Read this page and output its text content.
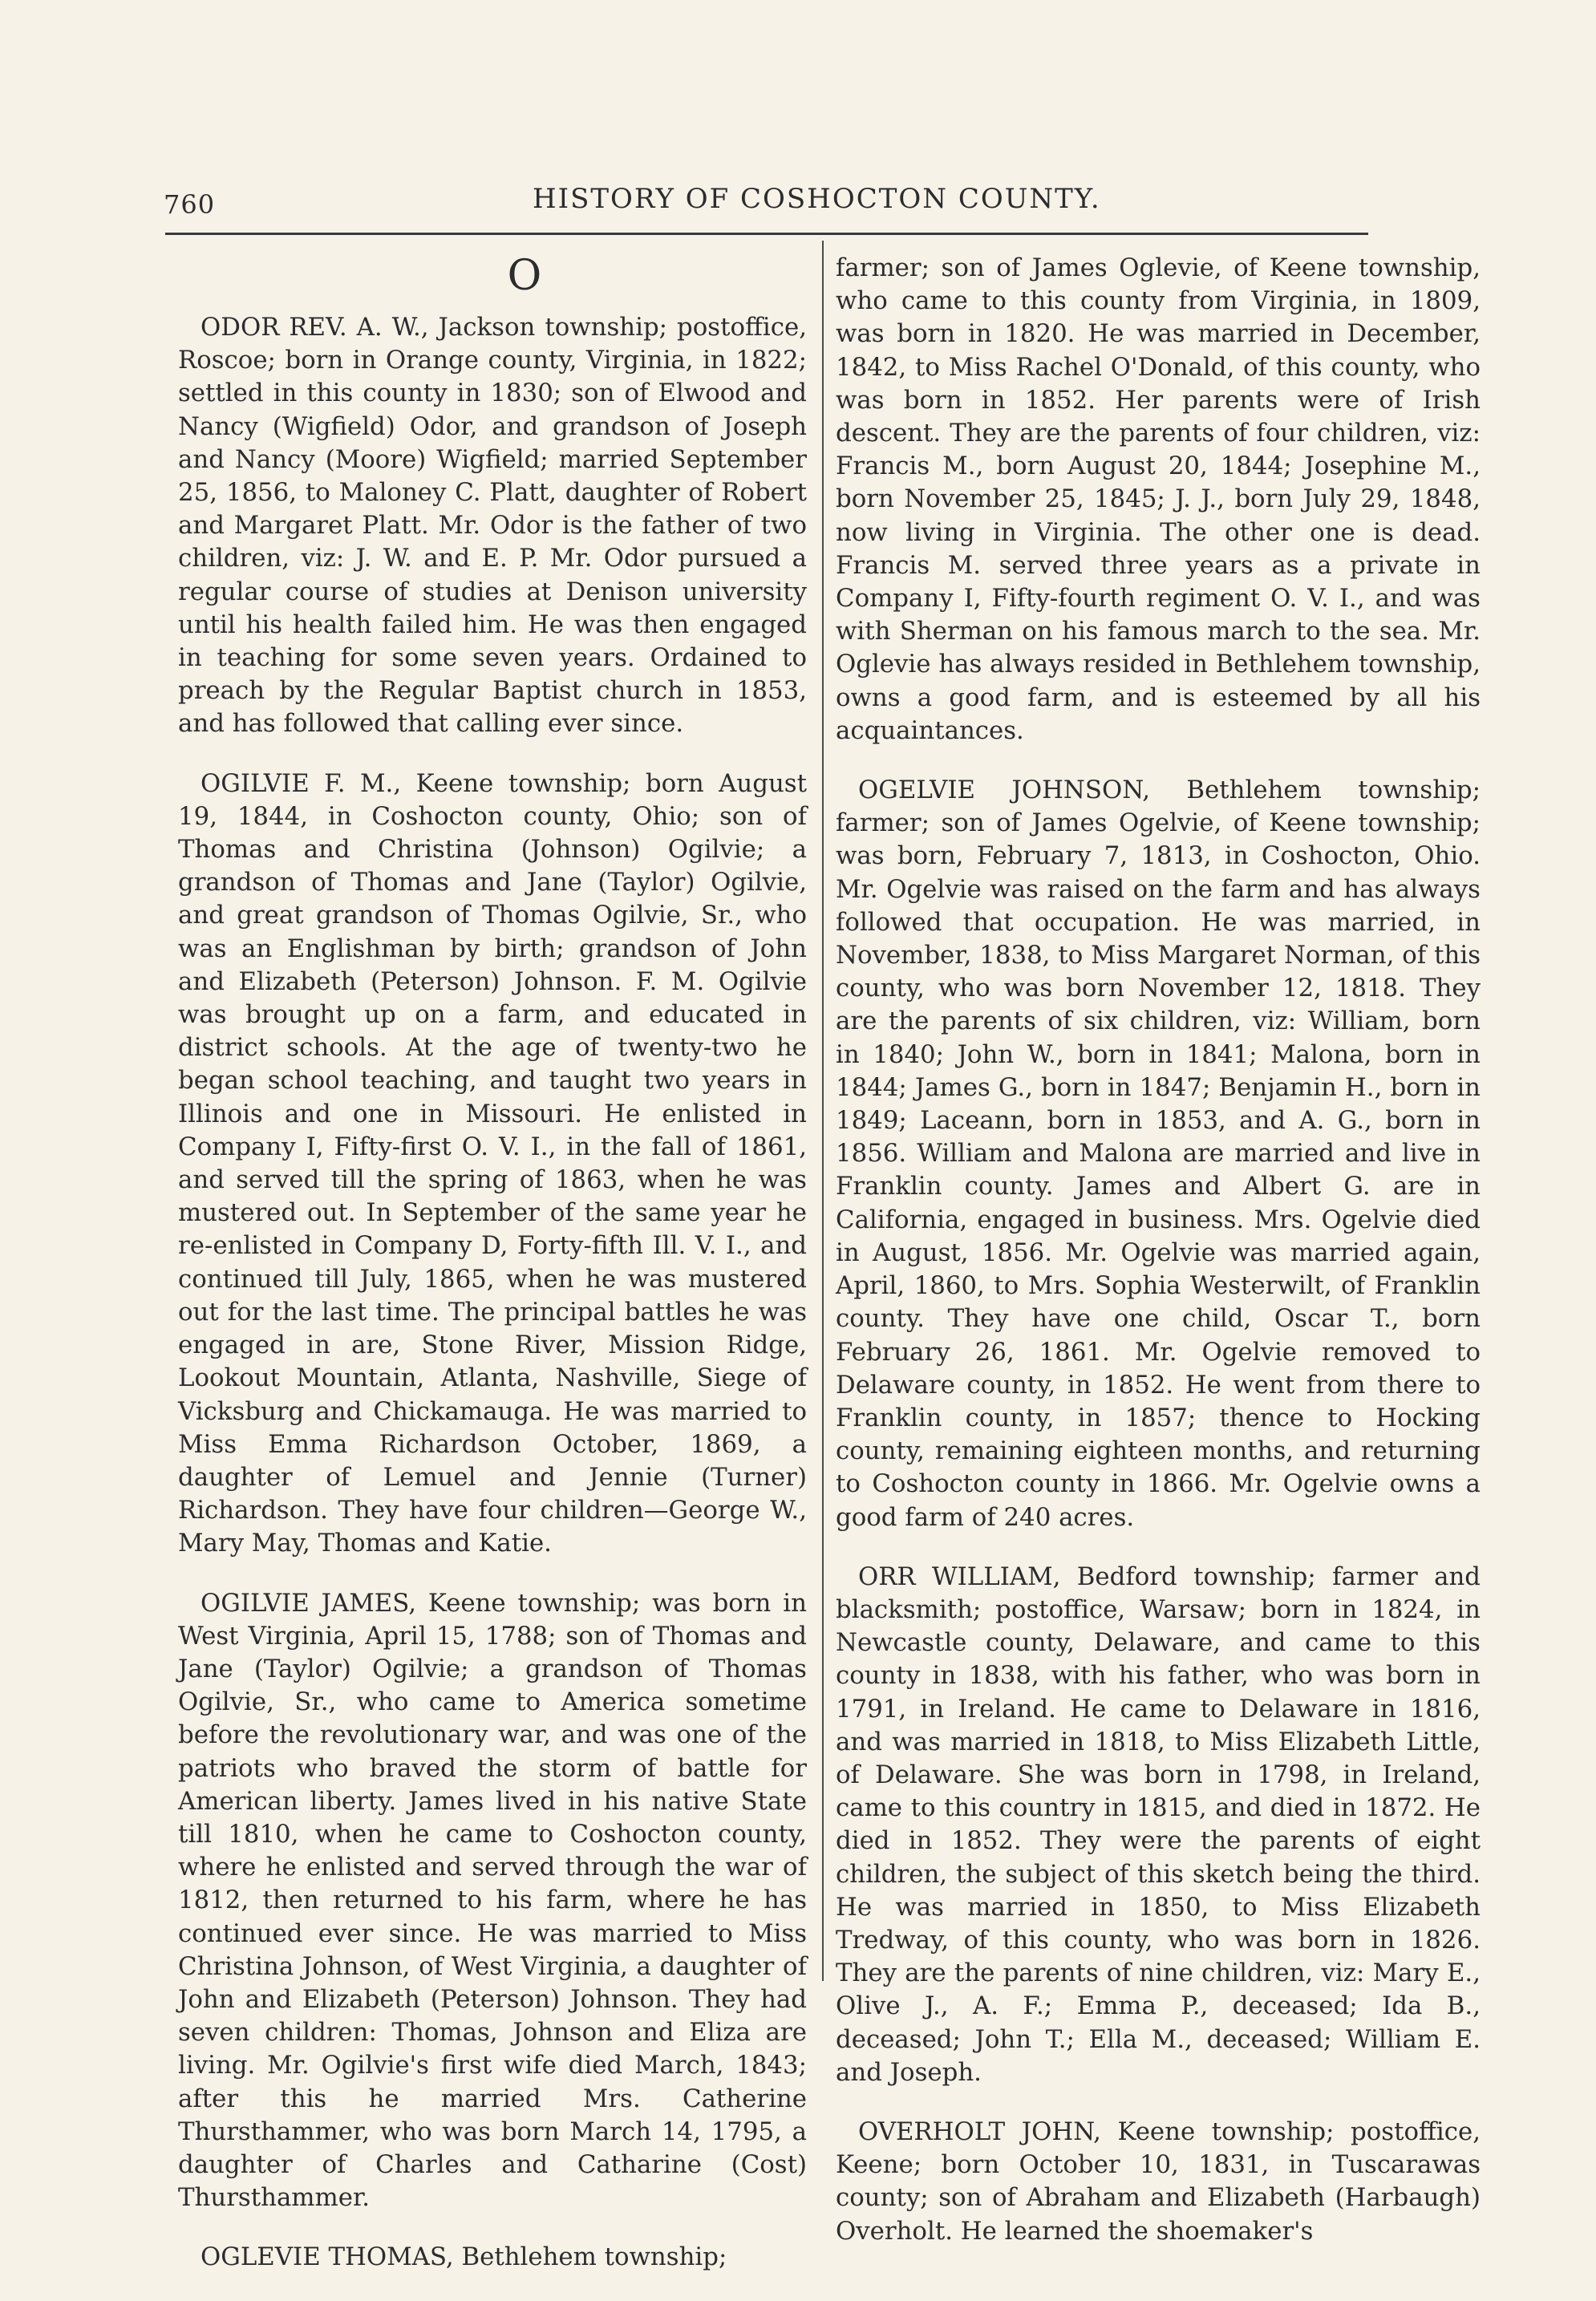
760	HISTORY OF COSHOCTON COUNTY.
O

ODOR REV. A. W., Jackson township; postoffice, Roscoe; born in Orange county, Virginia, in 1822; settled in this county in 1830; son of Elwood and Nancy (Wigfield) Odor, and grandson of Joseph and Nancy (Moore) Wigfield; married September 25, 1856, to Maloney C. Platt, daughter of Robert and Margaret Platt. Mr. Odor is the father of two children, viz: J. W. and E. P. Mr. Odor pursued a regular course of studies at Denison university until his health failed him. He was then engaged in teaching for some seven years. Ordained to preach by the Regular Baptist church in 1853, and has followed that calling ever since.

OGILVIE F. M., Keene township; born August 19, 1844, in Coshocton county, Ohio; son of Thomas and Christina (Johnson) Ogilvie; a grandson of Thomas and Jane (Taylor) Ogilvie, and great grandson of Thomas Ogilvie, Sr., who was an Englishman by birth; grandson of John and Elizabeth (Peterson) Johnson. F. M. Ogilvie was brought up on a farm, and educated in district schools. At the age of twenty-two he began school teaching, and taught two years in Illinois and one in Missouri. He enlisted in Company I, Fifty-first O. V. I., in the fall of 1861, and served till the spring of 1863, when he was mustered out. In September of the same year he re-enlisted in Company D, Forty-fifth Ill. V. I., and continued till July, 1865, when he was mustered out for the last time. The principal battles he was engaged in are, Stone River, Mission Ridge, Lookout Mountain, Atlanta, Nashville, Siege of Vicksburg and Chickamauga. He was married to Miss Emma Richardson October, 1869, a daughter of Lemuel and Jennie (Turner) Richardson. They have four children—George W., Mary May, Thomas and Katie.

OGILVIE JAMES, Keene township; was born in West Virginia, April 15, 1788; son of Thomas and Jane (Taylor) Ogilvie; a grandson of Thomas Ogilvie, Sr., who came to America sometime before the revolutionary war, and was one of the patriots who braved the storm of battle for American liberty. James lived in his native State till 1810, when he came to Coshocton county, where he enlisted and served through the war of 1812, then returned to his farm, where he has continued ever since. He was married to Miss Christina Johnson, of West Virginia, a daughter of John and Elizabeth (Peterson) Johnson. They had seven children: Thomas, Johnson and Eliza are living. Mr. Ogilvie's first wife died March, 1843; after this he married Mrs. Catherine Thursthammer, who was born March 14, 1795, a daughter of Charles and Catharine (Cost) Thursthammer.

OGLEVIE THOMAS, Bethlehem township;

farmer; son of James Oglevie, of Keene township, who came to this county from Virginia, in 1809, was born in 1820. He was married in December, 1842, to Miss Rachel O'Donald, of this county, who was born in 1852. Her parents were of Irish descent. They are the parents of four children, viz: Francis M., born August 20, 1844; Josephine M., born November 25, 1845; J. J., born July 29, 1848, now living in Virginia. The other one is dead. Francis M. served three years as a private in Company I, Fifty-fourth regiment O. V. I., and was with Sherman on his famous march to the sea. Mr. Oglevie has always resided in Bethlehem township, owns a good farm, and is esteemed by all his acquaintances.

OGELVIE JOHNSON, Bethlehem township; farmer; son of James Ogelvie, of Keene township; was born, February 7, 1813, in Coshocton, Ohio. Mr. Ogelvie was raised on the farm and has always followed that occupation. He was married, in November, 1838, to Miss Margaret Norman, of this county, who was born November 12, 1818. They are the parents of six children, viz: William, born in 1840; John W., born in 1841; Malona, born in 1844; James G., born in 1847; Benjamin H., born in 1849; Laceann, born in 1853, and A. G., born in 1856. William and Malona are married and live in Franklin county. James and Albert G. are in California, engaged in business. Mrs. Ogelvie died in August, 1856. Mr. Ogelvie was married again, April, 1860, to Mrs. Sophia Westerwilt, of Franklin county. They have one child, Oscar T., born February 26, 1861. Mr. Ogelvie removed to Delaware county, in 1852. He went from there to Franklin county, in 1857; thence to Hocking county, remaining eighteen months, and returning to Coshocton county in 1866. Mr. Ogelvie owns a good farm of 240 acres.

ORR WILLIAM, Bedford township; farmer and blacksmith; postoffice, Warsaw; born in 1824, in Newcastle county, Delaware, and came to this county in 1838, with his father, who was born in 1791, in Ireland. He came to Delaware in 1816, and was married in 1818, to Miss Elizabeth Little, of Delaware. She was born in 1798, in Ireland, came to this country in 1815, and died in 1872. He died in 1852. They were the parents of eight children, the subject of this sketch being the third. He was married in 1850, to Miss Elizabeth Tredway, of this county, who was born in 1826. They are the parents of nine children, viz: Mary E., Olive J., A. F.; Emma P., deceased; Ida B., deceased; John T.; Ella M., deceased; William E. and Joseph.

OVERHOLT JOHN, Keene township; postoffice, Keene; born October 10, 1831, in Tuscarawas county; son of Abraham and Elizabeth (Harbaugh) Overholt. He learned the shoemaker's
